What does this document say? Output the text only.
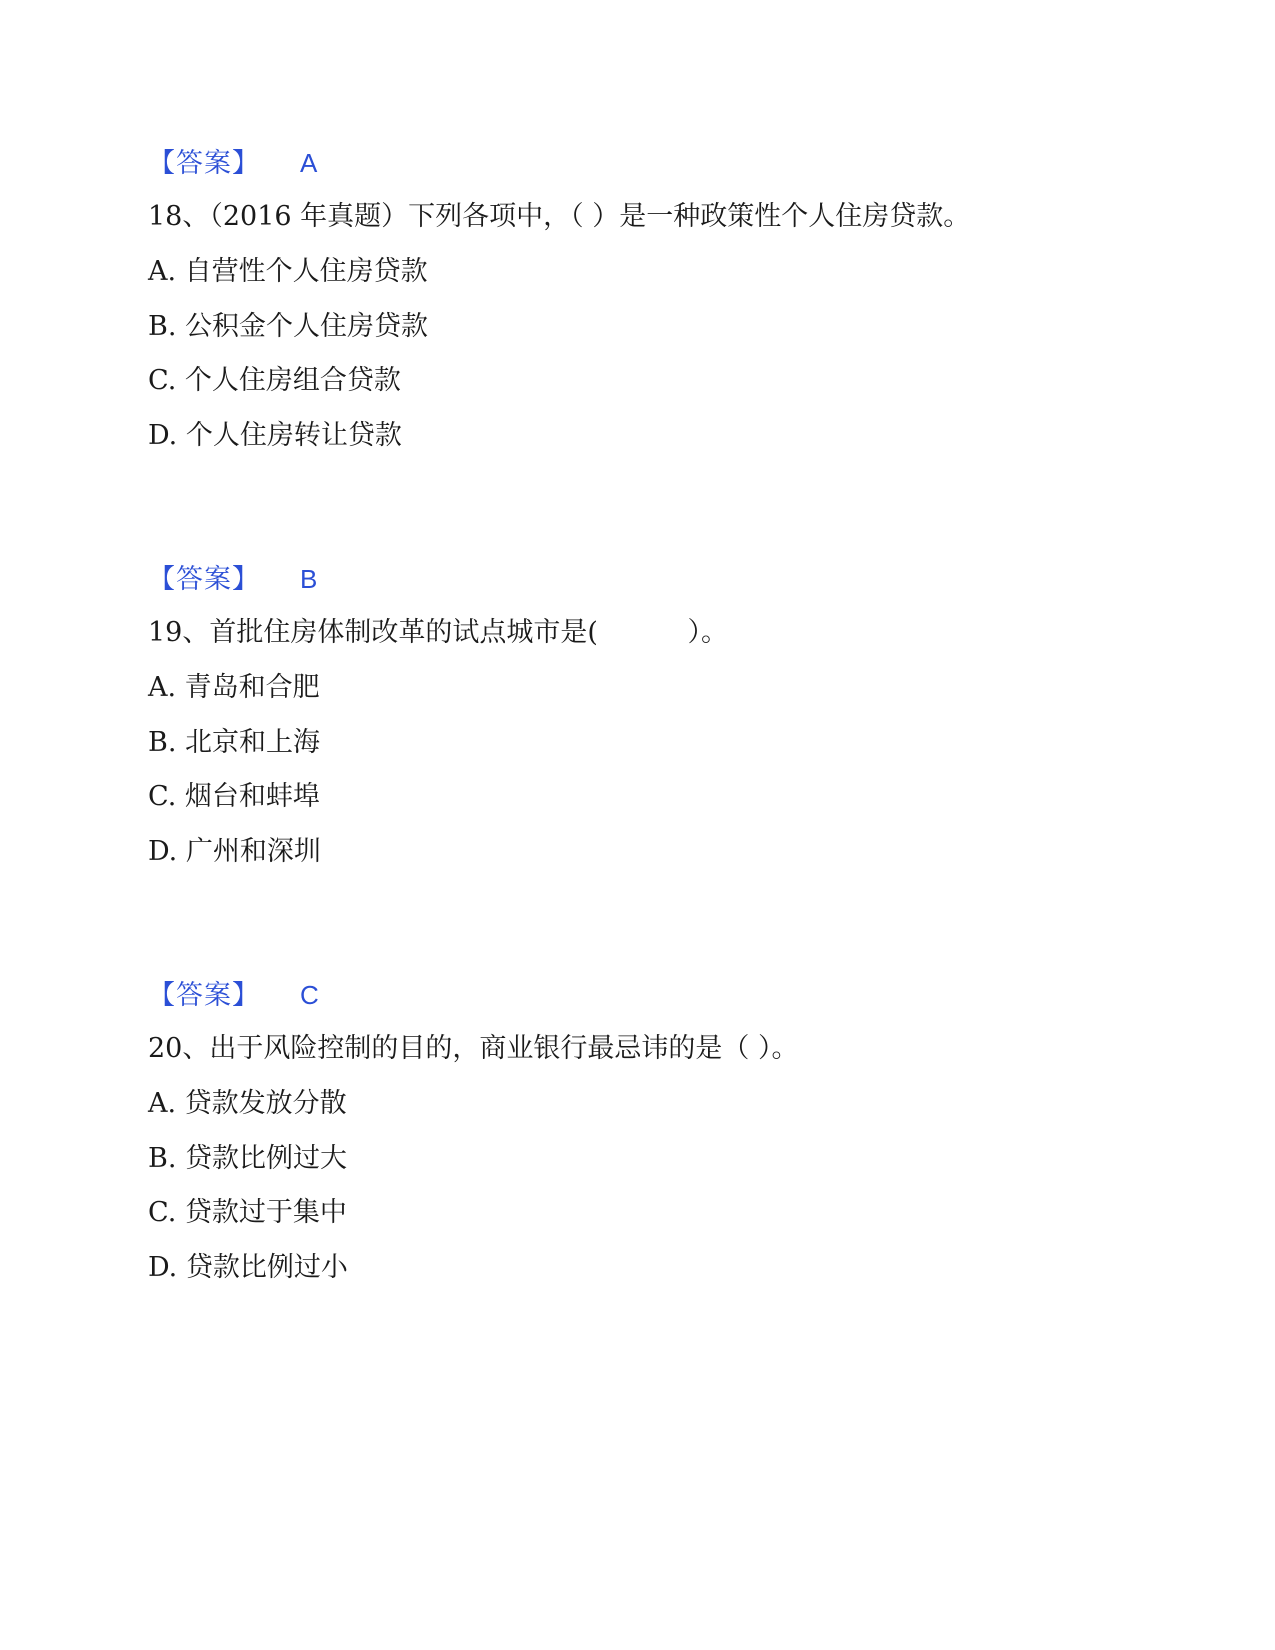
【答案】 A
18、（2016 年真题）下列各项中，（ ）是一种政策性个人住房贷款。
A. 自营性个人住房贷款
B. 公积金个人住房贷款
C. 个人住房组合贷款
D. 个人住房转让贷款
【答案】 B
19、首批住房体制改革的试点城市是(　　　 ）。
A. 青岛和合肥
B. 北京和上海
C. 烟台和蚌埠
D. 广州和深圳
【答案】 C
20、出于风险控制的目的，商业银行最忌讳的是（ ）。
A. 贷款发放分散
B. 贷款比例过大
C. 贷款过于集中
D. 贷款比例过小
